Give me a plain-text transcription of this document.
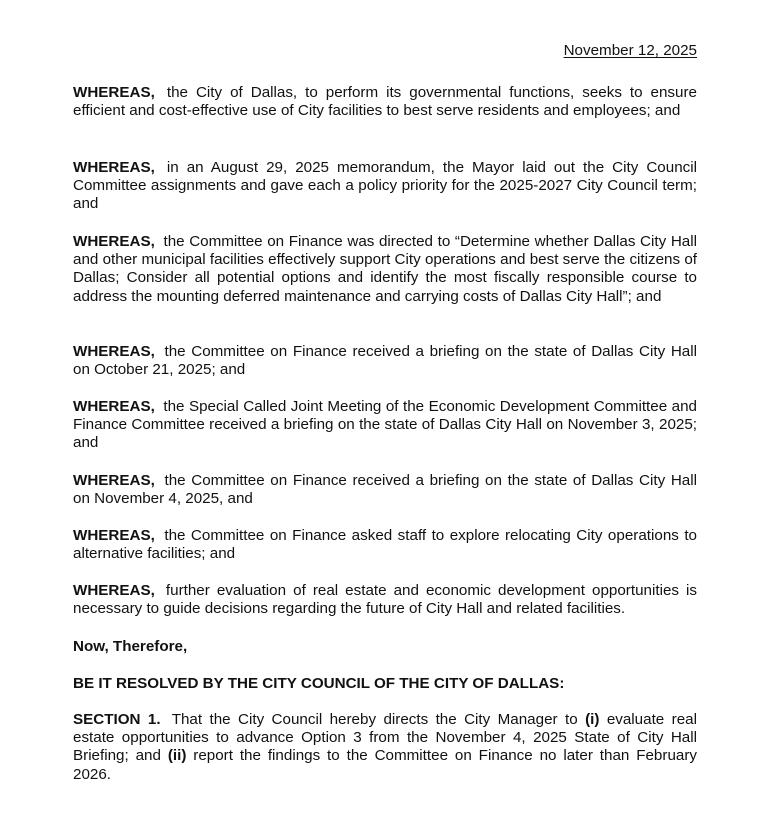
November 12, 2025

WHEREAS, the City of Dallas, to perform its governmental functions, seeks to ensure efficient and cost-effective use of City facilities to best serve residents and employees; and

WHEREAS, in an August 29, 2025 memorandum, the Mayor laid out the City Council Committee assignments and gave each a policy priority for the 2025-2027 City Council term; and

WHEREAS, the Committee on Finance was directed to “Determine whether Dallas City Hall and other municipal facilities effectively support City operations and best serve the citizens of Dallas; Consider all potential options and identify the most fiscally responsible course to address the mounting deferred maintenance and carrying costs of Dallas City Hall”; and

WHEREAS, the Committee on Finance received a briefing on the state of Dallas City Hall on October 21, 2025; and

WHEREAS, the Special Called Joint Meeting of the Economic Development Committee and Finance Committee received a briefing on the state of Dallas City Hall on November 3, 2025; and

WHEREAS, the Committee on Finance received a briefing on the state of Dallas City Hall on November 4, 2025, and

WHEREAS, the Committee on Finance asked staff to explore relocating City operations to alternative facilities; and

WHEREAS, further evaluation of real estate and economic development opportunities is necessary to guide decisions regarding the future of City Hall and related facilities.

Now, Therefore,

BE IT RESOLVED BY THE CITY COUNCIL OF THE CITY OF DALLAS:

SECTION 1. That the City Council hereby directs the City Manager to (i) evaluate real estate opportunities to advance Option 3 from the November 4, 2025 State of City Hall Briefing; and (ii) report the findings to the Committee on Finance no later than February 2026.
